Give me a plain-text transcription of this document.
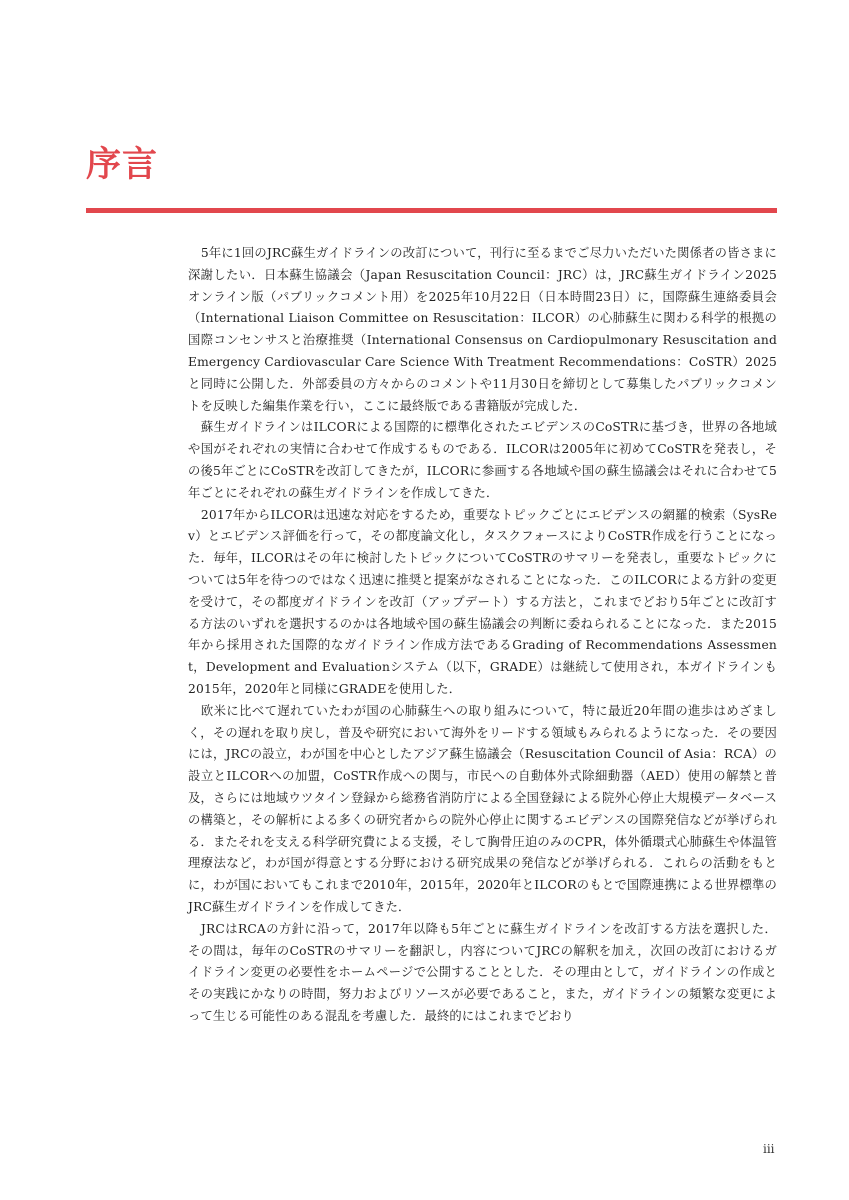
序言

5年に1回のJRC蘇生ガイドラインの改訂について，刊行に至るまでご尽力いただいた関係者の皆さまに深謝したい．日本蘇生協議会（Japan Resuscitation Council：JRC）は，JRC蘇生ガイドライン2025オンライン版（パブリックコメント用）を2025年10月22日（日本時間23日）に，国際蘇生連絡委員会（International Liaison Committee on Resuscitation：ILCOR）の心肺蘇生に関わる科学的根拠の国際コンセンサスと治療推奨（International Consensus on Cardiopulmonary Resuscitation and Emergency Cardiovascular Care Science With Treatment Recommendations：CoSTR）2025と同時に公開した．外部委員の方々からのコメントや11月30日を締切として募集したパブリックコメントを反映した編集作業を行い，ここに最終版である書籍版が完成した．

蘇生ガイドラインはILCORによる国際的に標準化されたエビデンスのCoSTRに基づき，世界の各地域や国がそれぞれの実情に合わせて作成するものである．ILCORは2005年に初めてCoSTRを発表し，その後5年ごとにCoSTRを改訂してきたが，ILCORに参画する各地域や国の蘇生協議会はそれに合わせて5年ごとにそれぞれの蘇生ガイドラインを作成してきた．

2017年からILCORは迅速な対応をするため，重要なトピックごとにエビデンスの網羅的検索（SysRev）とエビデンス評価を行って，その都度論文化し，タスクフォースによりCoSTR作成を行うことになった．毎年，ILCORはその年に検討したトピックについてCoSTRのサマリーを発表し，重要なトピックについては5年を待つのではなく迅速に推奨と提案がなされることになった．このILCORによる方針の変更を受けて，その都度ガイドラインを改訂（アップデート）する方法と，これまでどおり5年ごとに改訂する方法のいずれを選択するのかは各地域や国の蘇生協議会の判断に委ねられることになった．また2015年から採用された国際的なガイドライン作成方法であるGrading of Recommendations Assessment，Development and Evaluationシステム（以下，GRADE）は継続して使用され，本ガイドラインも2015年，2020年と同様にGRADEを使用した．

欧米に比べて遅れていたわが国の心肺蘇生への取り組みについて，特に最近20年間の進歩はめざましく，その遅れを取り戻し，普及や研究において海外をリードする領域もみられるようになった．その要因には，JRCの設立，わが国を中心としたアジア蘇生協議会（Resuscitation Council of Asia：RCA）の設立とILCORへの加盟，CoSTR作成への関与，市民への自動体外式除細動器（AED）使用の解禁と普及，さらには地域ウツタイン登録から総務省消防庁による全国登録による院外心停止大規模データベースの構築と，その解析による多くの研究者からの院外心停止に関するエビデンスの国際発信などが挙げられる．またそれを支える科学研究費による支援，そして胸骨圧迫のみのCPR，体外循環式心肺蘇生や体温管理療法など，わが国が得意とする分野における研究成果の発信などが挙げられる．これらの活動をもとに，わが国においてもこれまで2010年，2015年，2020年とILCORのもとで国際連携による世界標準のJRC蘇生ガイドラインを作成してきた．

JRCはRCAの方針に沿って，2017年以降も5年ごとに蘇生ガイドラインを改訂する方法を選択した．その間は，毎年のCoSTRのサマリーを翻訳し，内容についてJRCの解釈を加え，次回の改訂におけるガイドライン変更の必要性をホームページで公開することとした．その理由として，ガイドラインの作成とその実践にかなりの時間，努力およびリソースが必要であること，また，ガイドラインの頻繁な変更によって生じる可能性のある混乱を考慮した．最終的にはこれまでどおり

iii
